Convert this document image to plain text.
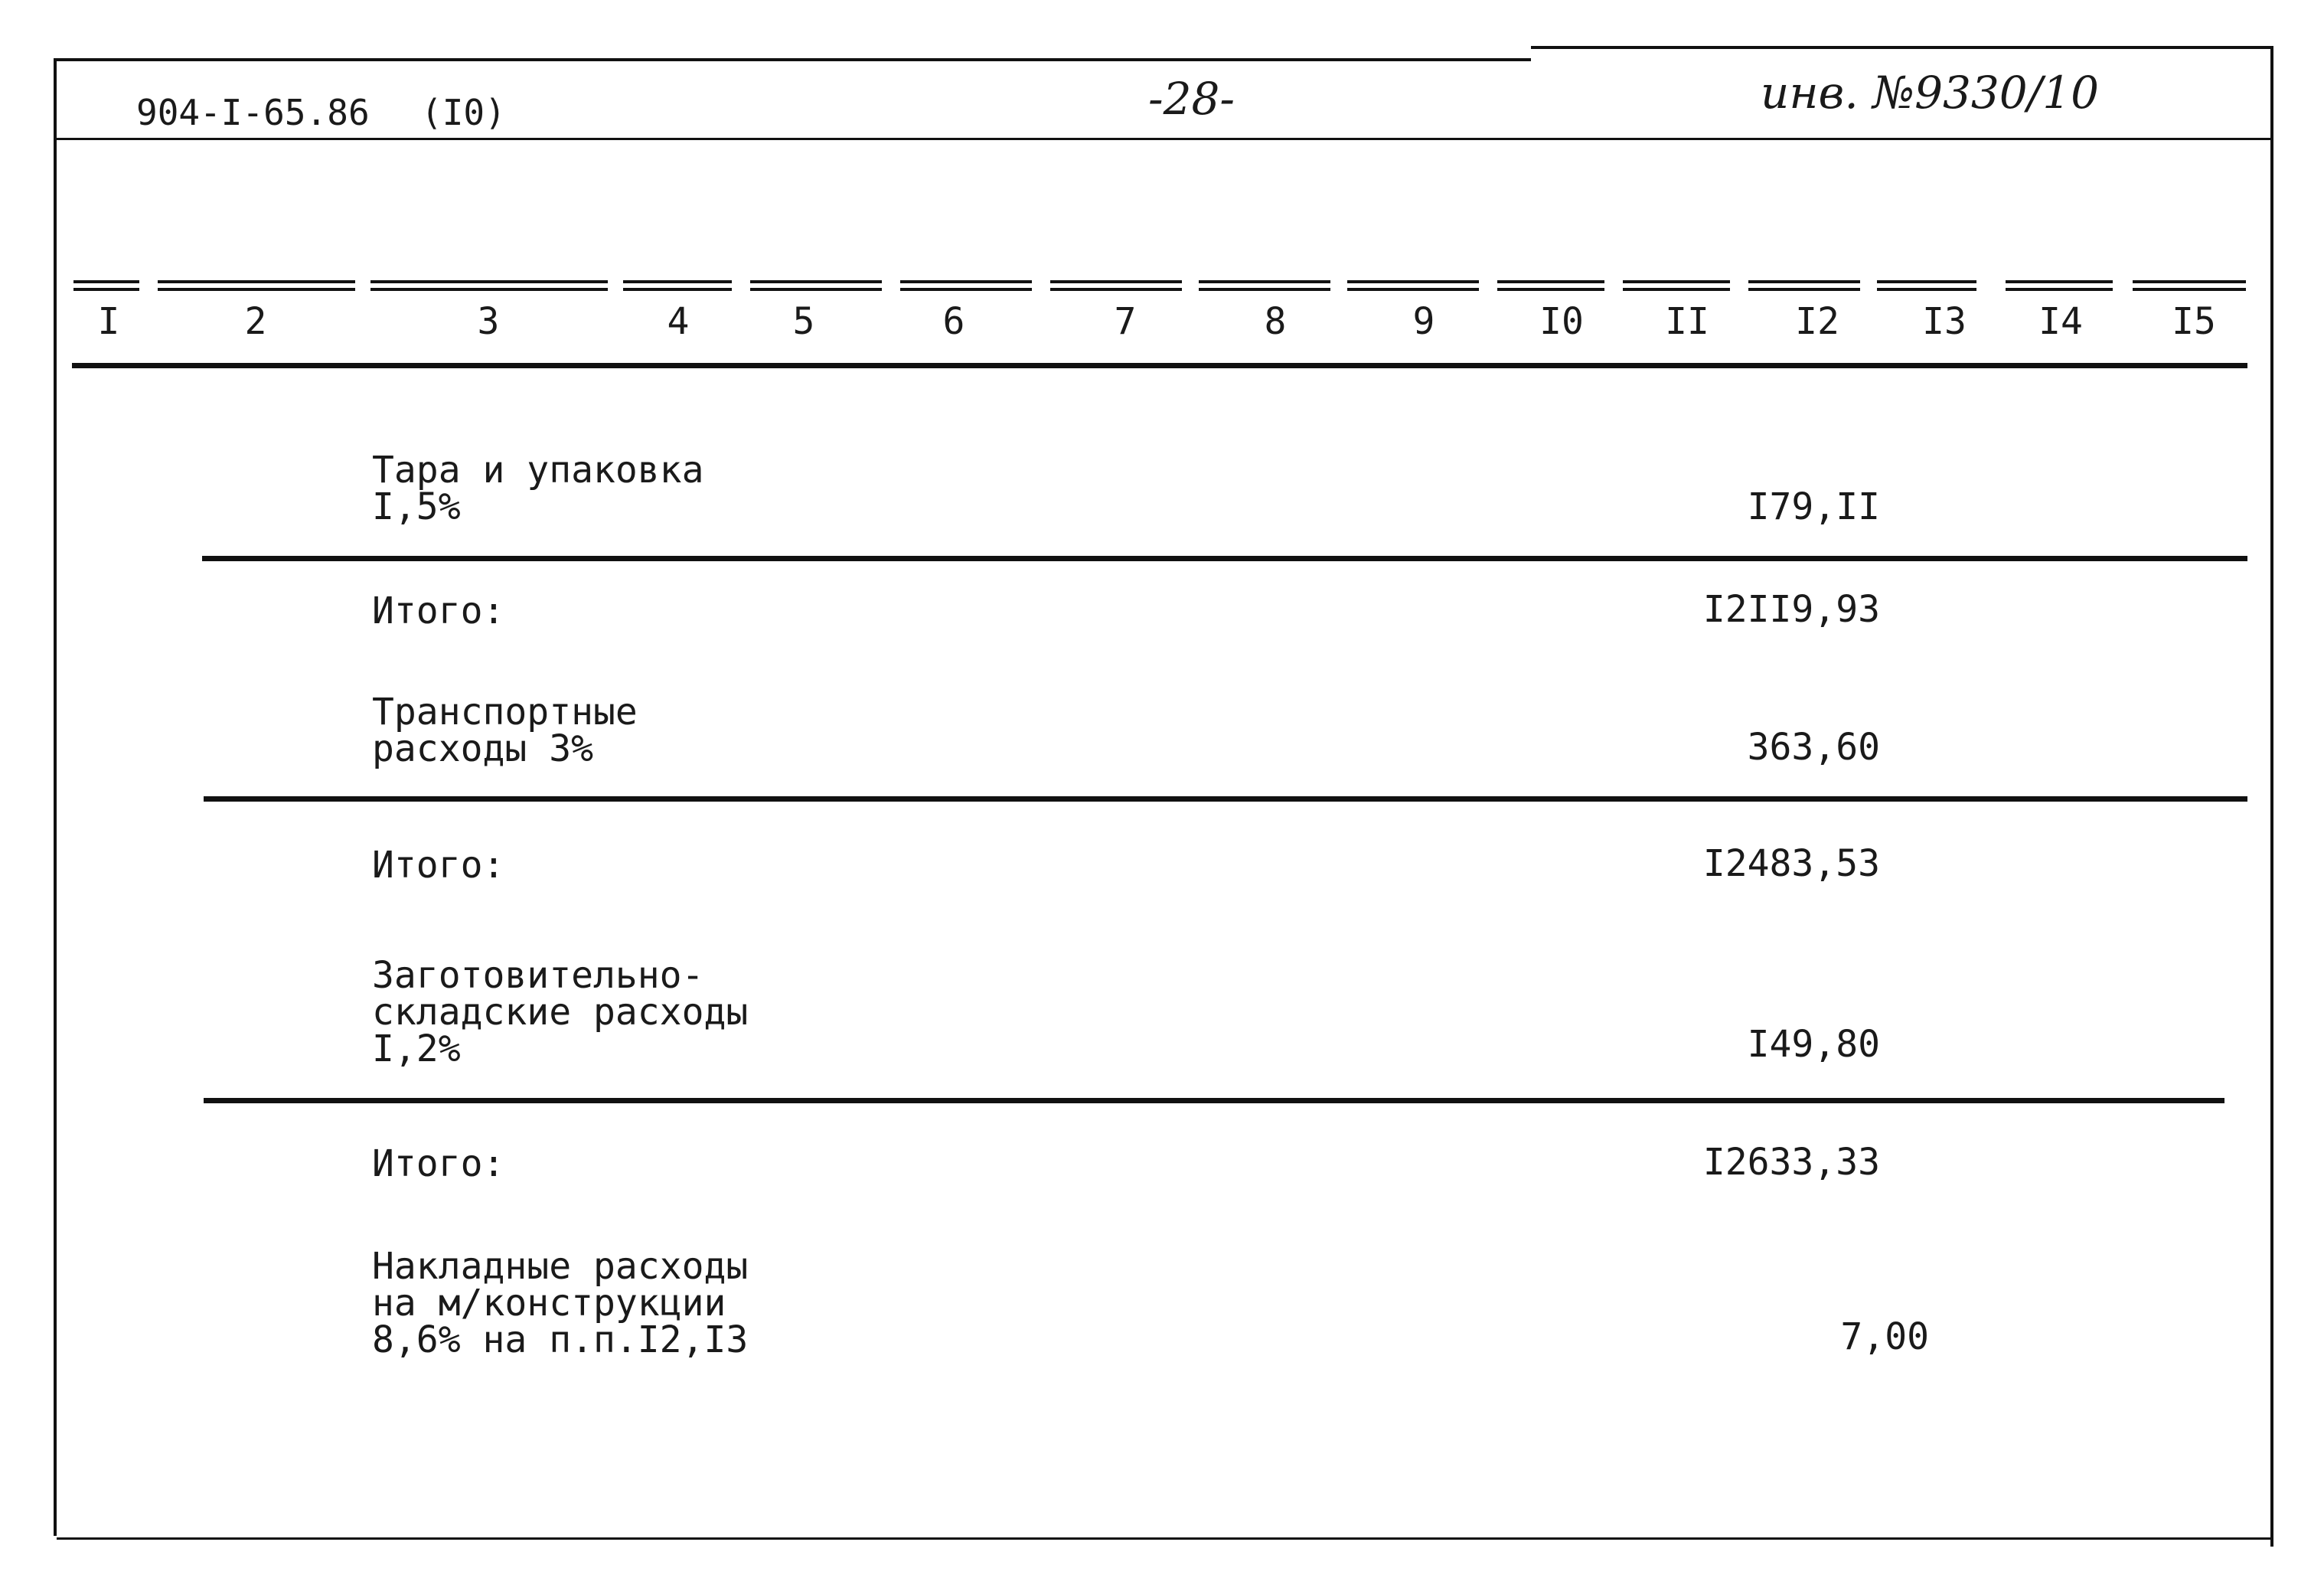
904-I-65.86 (I0)	-28-	инв. №9330/10
I	2	3	4	5	6	7	8	9	I0	II	I2	I3	I4	I5
Тара и упаковка
I,5%	I79,II
Итого:	I2II9,93
Транспортные
расходы 3%	363,60
Итого:	I2483,53
Заготовительно-
складские расходы
I,2%	I49,80
Итого:	I2633,33
Накладные расходы
на м/конструкции
8,6% на п.п.I2,I3	7,00
